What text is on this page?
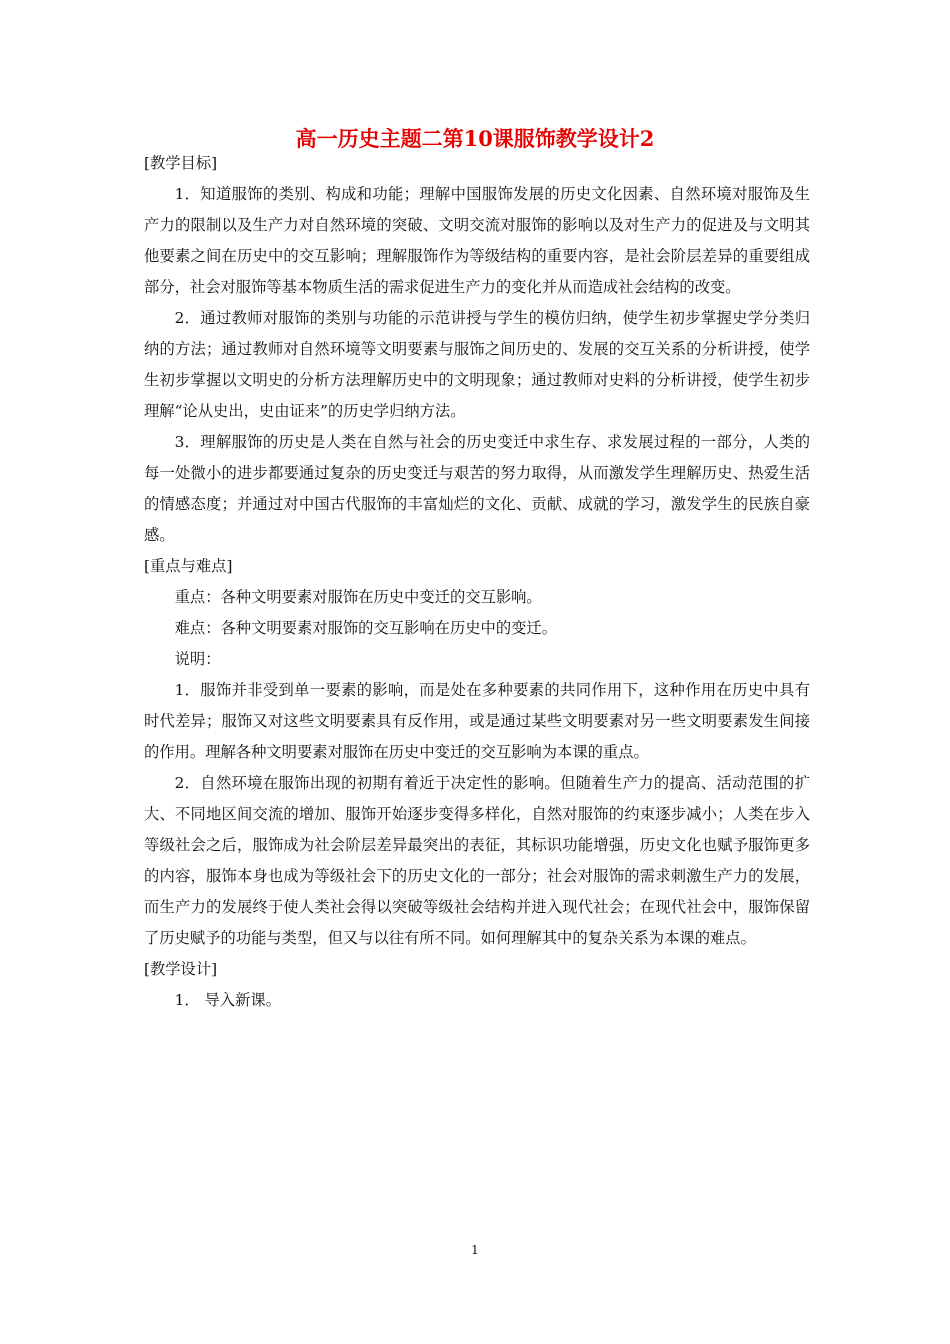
高一历史主题二第10课服饰教学设计2

[教学目标]

1．知道服饰的类别、构成和功能；理解中国服饰发展的历史文化因素、自然环境对服饰及生产力的限制以及生产力对自然环境的突破、文明交流对服饰的影响以及对生产力的促进及与文明其他要素之间在历史中的交互影响；理解服饰作为等级结构的重要内容，是社会阶层差异的重要组成部分，社会对服饰等基本物质生活的需求促进生产力的变化并从而造成社会结构的改变。

2．通过教师对服饰的类别与功能的示范讲授与学生的模仿归纳，使学生初步掌握史学分类归纳的方法；通过教师对自然环境等文明要素与服饰之间历史的、发展的交互关系的分析讲授，使学生初步掌握以文明史的分析方法理解历史中的文明现象；通过教师对史料的分析讲授，使学生初步理解“论从史出，史由证来”的历史学归纳方法。

3．理解服饰的历史是人类在自然与社会的历史变迁中求生存、求发展过程的一部分，人类的每一处微小的进步都要通过复杂的历史变迁与艰苦的努力取得，从而激发学生理解历史、热爱生活的情感态度；并通过对中国古代服饰的丰富灿烂的文化、贡献、成就的学习，激发学生的民族自豪感。

[重点与难点]

重点：各种文明要素对服饰在历史中变迁的交互影响。

难点：各种文明要素对服饰的交互影响在历史中的变迁。

说明：

1．服饰并非受到单一要素的影响，而是处在多种要素的共同作用下，这种作用在历史中具有时代差异；服饰又对这些文明要素具有反作用，或是通过某些文明要素对另一些文明要素发生间接的作用。理解各种文明要素对服饰在历史中变迁的交互影响为本课的重点。

2．自然环境在服饰出现的初期有着近于决定性的影响。但随着生产力的提高、活动范围的扩大、不同地区间交流的增加、服饰开始逐步变得多样化，自然对服饰的约束逐步减小；人类在步入等级社会之后，服饰成为社会阶层差异最突出的表征，其标识功能增强，历史文化也赋予服饰更多的内容，服饰本身也成为等级社会下的历史文化的一部分；社会对服饰的需求刺激生产力的发展，而生产力的发展终于使人类社会得以突破等级社会结构并进入现代社会；在现代社会中，服饰保留了历史赋予的功能与类型，但又与以往有所不同。如何理解其中的复杂关系为本课的难点。

[教学设计]

1． 导入新课。

1
